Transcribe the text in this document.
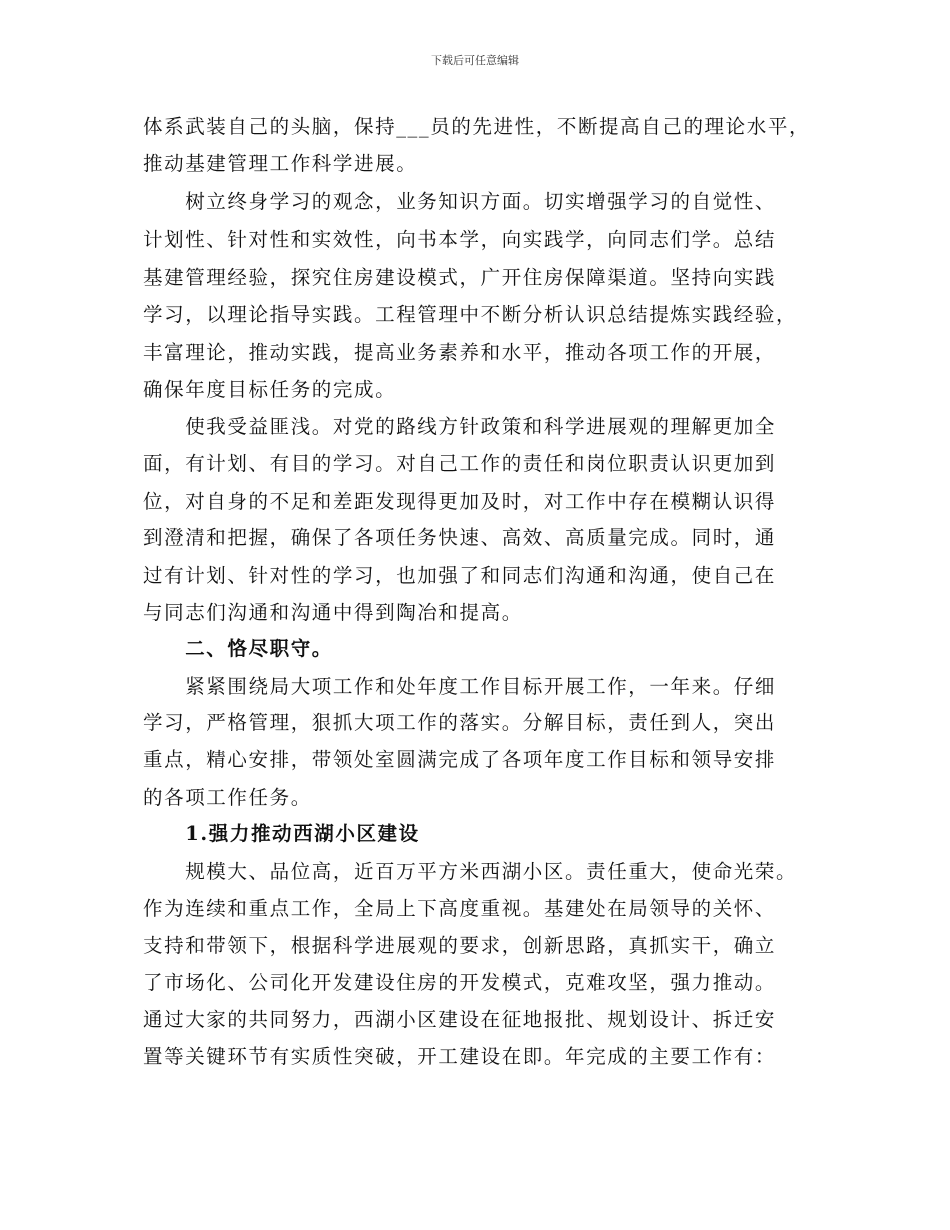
下载后可任意编辑
体系武装自己的头脑，保持___员的先进性，不断提高自己的理论水平，
推动基建管理工作科学进展。
　　树立终身学习的观念，业务知识方面。切实增强学习的自觉性、
计划性、针对性和实效性，向书本学，向实践学，向同志们学。总结
基建管理经验，探究住房建设模式，广开住房保障渠道。坚持向实践
学习，以理论指导实践。工程管理中不断分析认识总结提炼实践经验，
丰富理论，推动实践，提高业务素养和水平，推动各项工作的开展，
确保年度目标任务的完成。
　　使我受益匪浅。对党的路线方针政策和科学进展观的理解更加全
面，有计划、有目的学习。对自己工作的责任和岗位职责认识更加到
位，对自身的不足和差距发现得更加及时，对工作中存在模糊认识得
到澄清和把握，确保了各项任务快速、高效、高质量完成。同时，通
过有计划、针对性的学习，也加强了和同志们沟通和沟通，使自己在
与同志们沟通和沟通中得到陶冶和提高。
　　二、恪尽职守。
　　紧紧围绕局大项工作和处年度工作目标开展工作，一年来。仔细
学习，严格管理，狠抓大项工作的落实。分解目标，责任到人，突出
重点，精心安排，带领处室圆满完成了各项年度工作目标和领导安排
的各项工作任务。
　　1.强力推动西湖小区建设
　　规模大、品位高，近百万平方米西湖小区。责任重大，使命光荣。
作为连续和重点工作，全局上下高度重视。基建处在局领导的关怀、
支持和带领下，根据科学进展观的要求，创新思路，真抓实干，确立
了市场化、公司化开发建设住房的开发模式，克难攻坚，强力推动。
通过大家的共同努力，西湖小区建设在征地报批、规划设计、拆迁安
置等关键环节有实质性突破，开工建设在即。年完成的主要工作有：
